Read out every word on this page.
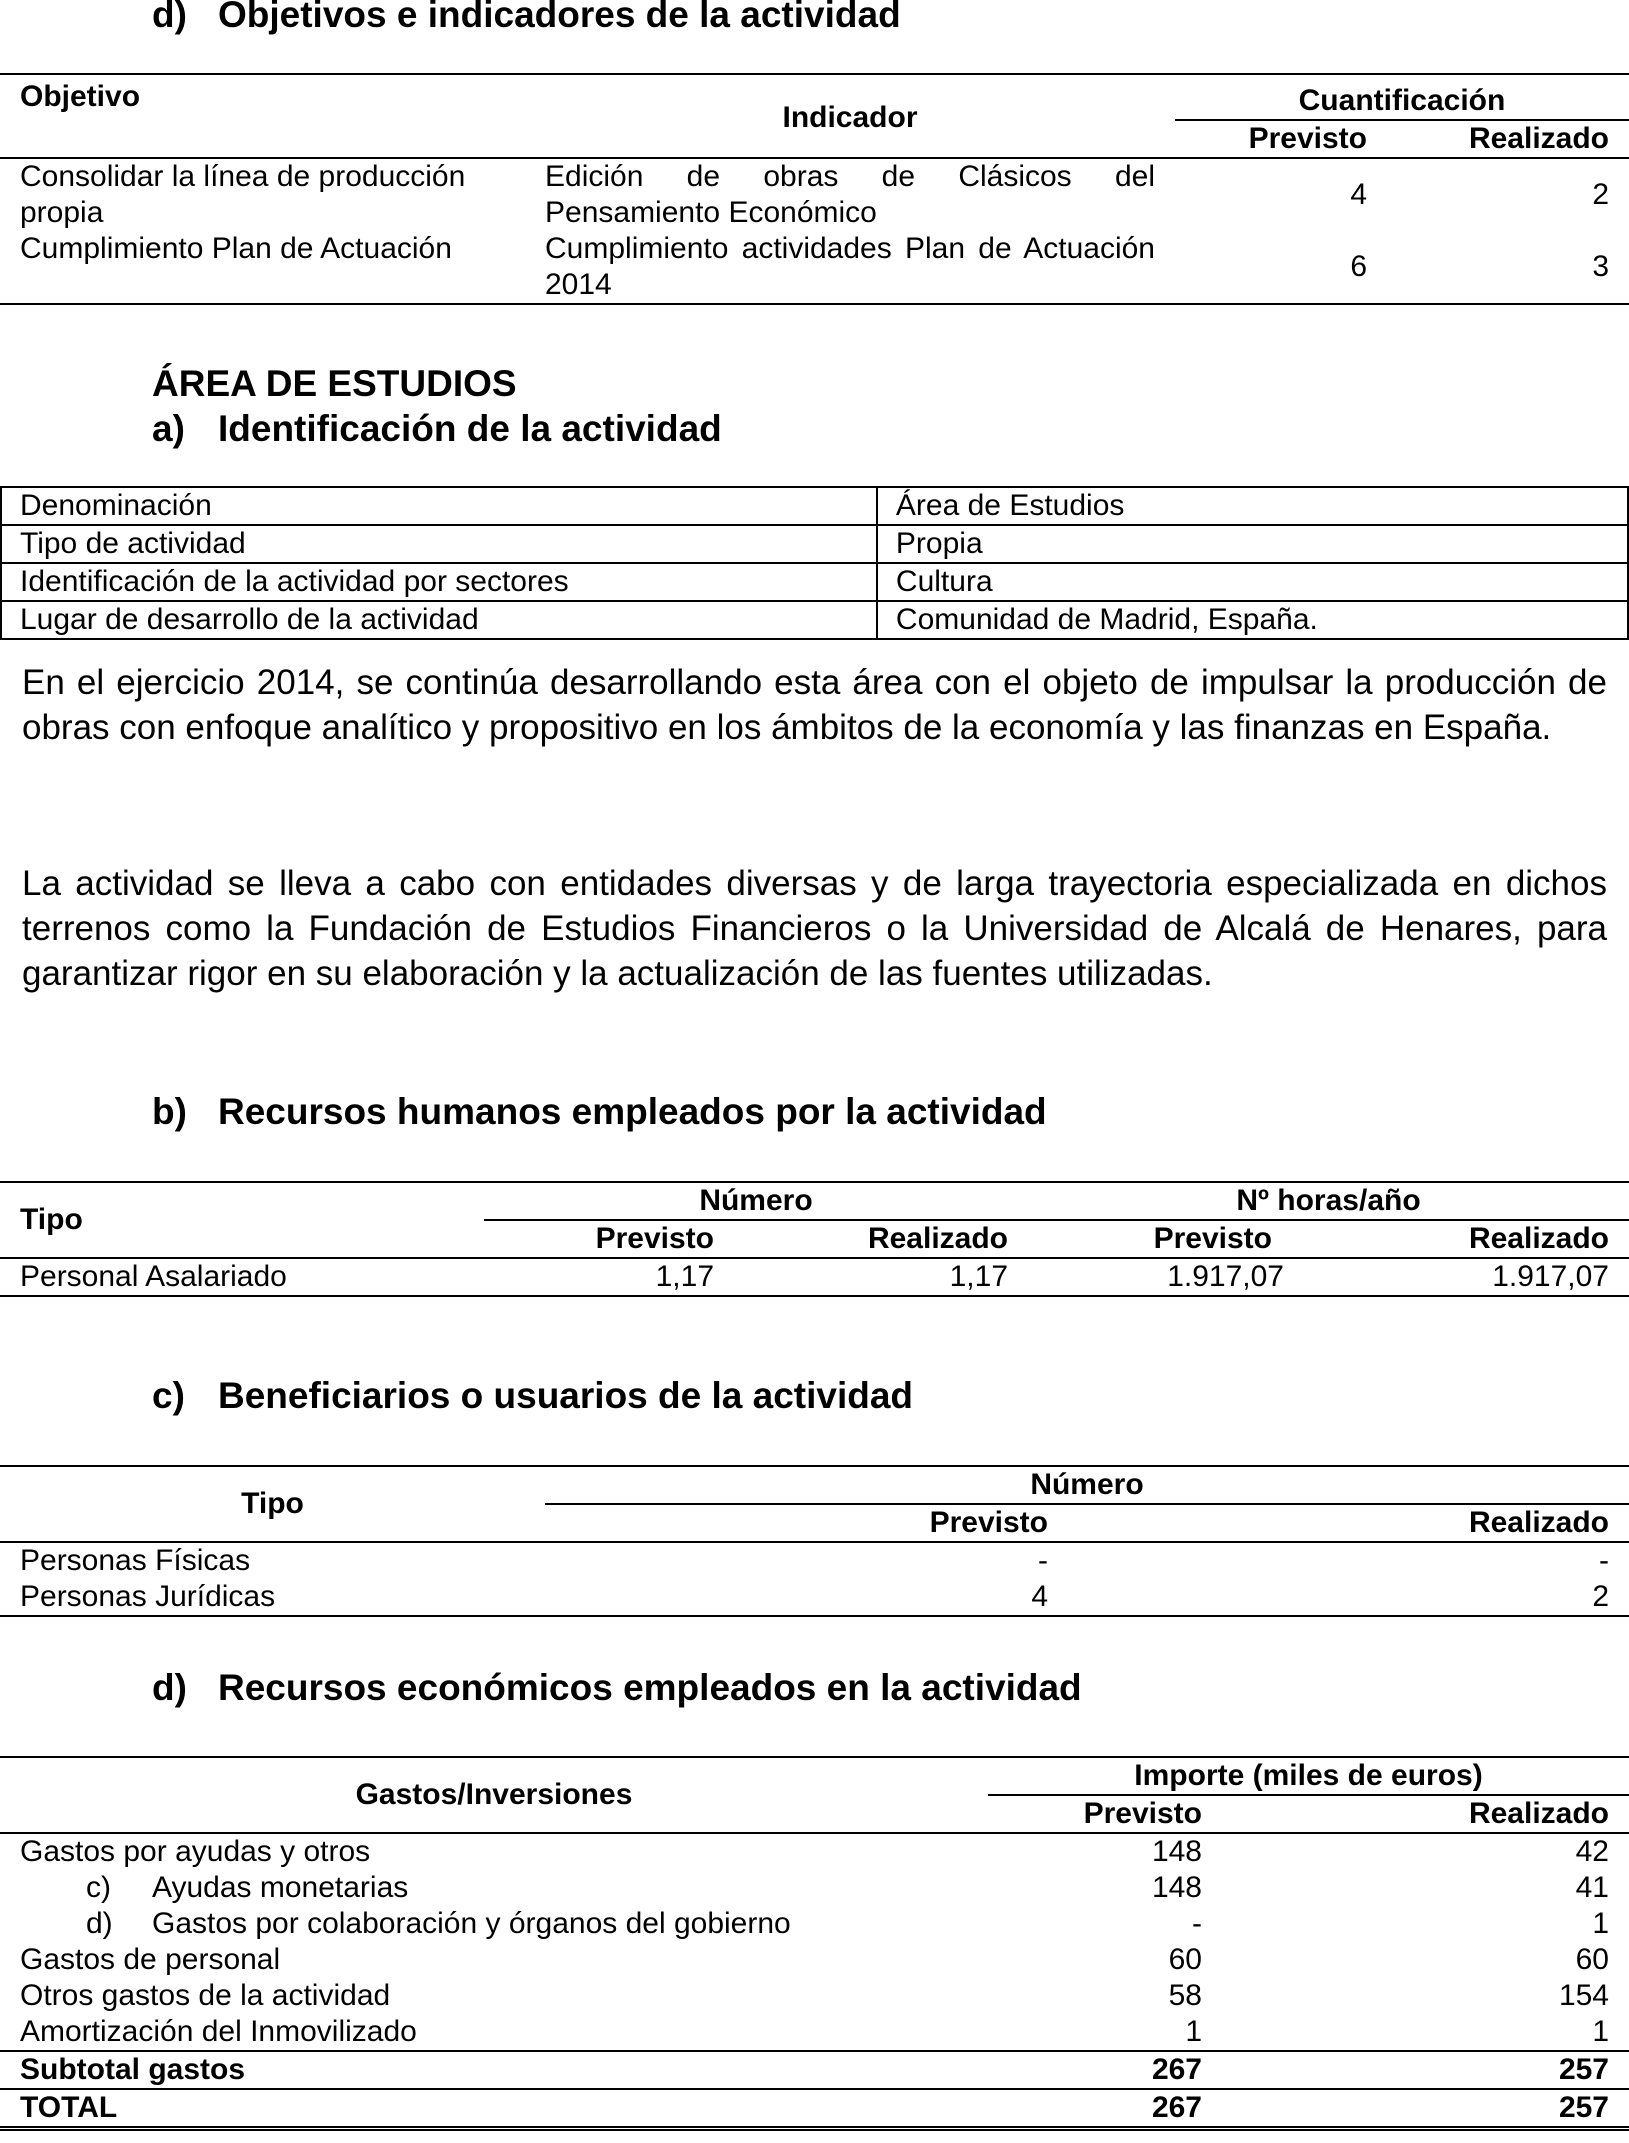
d) Objetivos e indicadores de la actividad
Objetivo	Indicador	Cuantificación	
		Previsto	Realizado
Consolidar la línea de producción propia	Edición de obras de Clásicos del Pensamiento Económico	4	2
Cumplimiento Plan de Actuación	Cumplimiento actividades Plan de Actuación 2014	6	3
ÁREA DE ESTUDIOS
a) Identificación de la actividad
Denominación	Área de Estudios
Tipo de actividad	Propia
Identificación de la actividad por sectores	Cultura
Lugar de desarrollo de la actividad	Comunidad de Madrid, España.

En el ejercicio 2014, se continúa desarrollando esta área con el objeto de impulsar la producción de obras con enfoque analítico y propositivo en los ámbitos de la economía y las finanzas en España.

La actividad se lleva a cabo con entidades diversas y de larga trayectoria especializada en dichos terrenos como la Fundación de Estudios Financieros o la Universidad de Alcalá de Henares, para garantizar rigor en su elaboración y la actualización de las fuentes utilizadas.

b) Recursos humanos empleados por la actividad
Tipo	Número		Nº horas/año	
	Previsto	Realizado	Previsto	Realizado
Personal Asalariado	1,17	1,17	1.917,07	1.917,07
c) Beneficiarios o usuarios de la actividad
Tipo	Número	
	Previsto	Realizado
Personas Físicas	-	-
Personas Jurídicas	4	2
d) Recursos económicos empleados en la actividad
Gastos/Inversiones	Importe (miles de euros)	
	Previsto	Realizado
Gastos por ayudas y otros	148	42
c) Ayudas monetarias	148	41
d) Gastos por colaboración y órganos del gobierno	-	1
Gastos de personal	60	60
Otros gastos de la actividad	58	154
Amortización del Inmovilizado	1	1
Subtotal gastos	267	257
TOTAL	267	257
